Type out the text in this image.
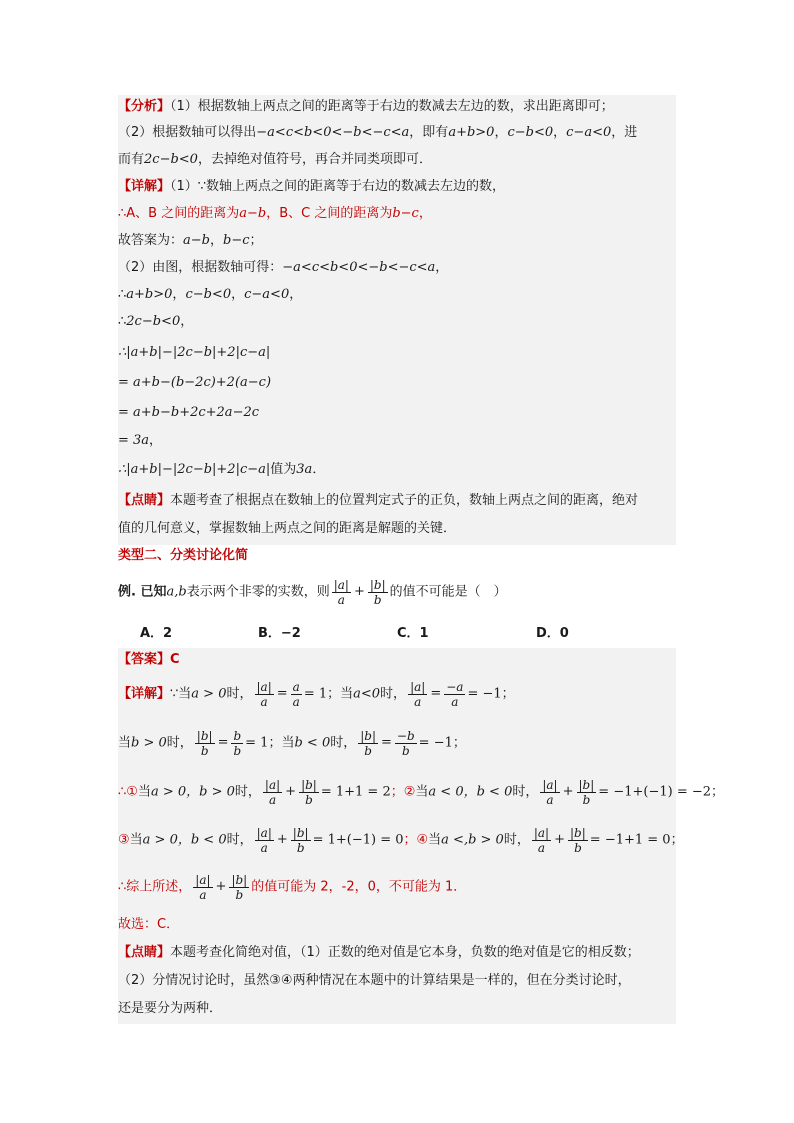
【分析】（1）根据数轴上两点之间的距离等于右边的数减去左边的数，求出距离即可；
（2）根据数轴可以得出−a<c<b<0<−b<−c<a，即有a+b>0，c−b<0，c−a<0，进
而有2c−b<0，去掉绝对值符号，再合并同类项即可．
【详解】（1）∵数轴上两点之间的距离等于右边的数减去左边的数，
∴A、B 之间的距离为a−b，B、C 之间的距离为b−c，
故答案为：a−b，b−c；
（2）由图，根据数轴可得：−a<c<b<0<−b<−c<a，
∴a+b>0，c−b<0，c−a<0，
∴2c−b<0，
∴|a+b|−|2c−b|+2|c−a|
= a+b−(b−2c)+2(a−c)
= a+b−b+2c+2a−2c
= 3a，
∴|a+b|−|2c−b|+2|c−a|值为3a．
【点睛】本题考查了根据点在数轴上的位置判定式子的正负，数轴上两点之间的距离，绝对
值的几何意义，掌握数轴上两点之间的距离是解题的关键．
类型二、分类讨论化简
例. 已知a,b表示两个非零的实数，则 $\frac{|a|}{a} + \frac{|b|}{b}$ 的值不可能是（　）
A．2	B．−2	C．1	D．0
【答案】C
【详解】∵当a > 0时， $\frac{|a|}{a} = \frac{a}{a} = 1$；当a<0时， $\frac{|a|}{a} = \frac{-a}{a} = -1$；
当b > 0时， $\frac{|b|}{b} = \frac{b}{b} = 1$；当b < 0时， $\frac{|b|}{b} = \frac{-b}{b} = -1$；
∴①当a > 0，b > 0时， $\frac{|a|}{a} + \frac{|b|}{b} = 1+1 = 2$；②当a < 0，b < 0时， $\frac{|a|}{a} + \frac{|b|}{b} = -1+(-1) = -2$；
③当a > 0，b < 0时， $\frac{|a|}{a} + \frac{|b|}{b} = 1+(-1) = 0$；④当a <,b > 0时， $\frac{|a|}{a} + \frac{|b|}{b} = -1+1 = 0$；
∴综上所述， $\frac{|a|}{a} + \frac{|b|}{b}$ 的值可能为 2，-2，0，不可能为 1．
故选：C．
【点睛】本题考查化简绝对值，（1）正数的绝对值是它本身，负数的绝对值是它的相反数；
（2）分情况讨论时，虽然③④两种情况在本题中的计算结果是一样的，但在分类讨论时，
还是要分为两种．
